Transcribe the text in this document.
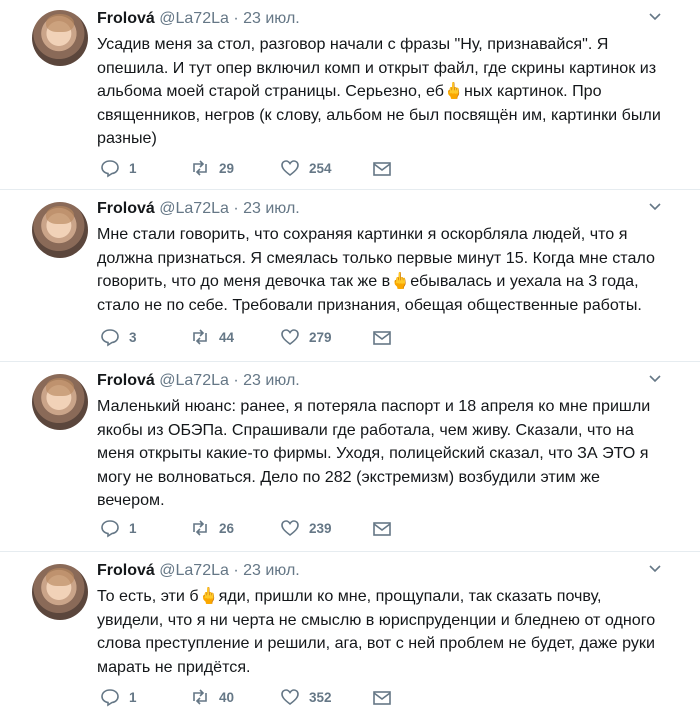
Frolová @La72La · 23 июл.
Усадив меня за стол, разговор начали с фразы "Ну, признавайся". Я опешила. И тут опер включил комп и открыт файл, где скрины картинок из альбома моей старой страницы. Серьезно, еб🖕ных картинок. Про священников, негров (к слову, альбом не был посвящён им, картинки были разные)
1	29	254
Frolová @La72La · 23 июл.
Мне стали говорить, что сохраняя картинки я оскорбляла людей, что я должна признаться. Я смеялась только первые минут 15. Когда мне стало говорить, что до меня девочка так же в🖕ебывалась и уехала на 3 года, стало не по себе. Требовали признания, обещая общественные работы.
3	44	279
Frolová @La72La · 23 июл.
Маленький нюанс: ранее, я потеряла паспорт и 18 апреля ко мне пришли якобы из ОБЭПа. Спрашивали где работала, чем живу. Сказали, что на меня открыты какие-то фирмы. Уходя, полицейский сказал, что ЗА ЭТО я могу не волноваться. Дело по 282 (экстремизм) возбудили этим же вечером.
1	26	239
Frolová @La72La · 23 июл.
То есть, эти б🖕яди, пришли ко мне, прощупали, так сказать почву, увидели, что я ни черта не смыслю в юриспруденции и бледнею от одного слова преступление и решили, ага, вот с ней проблем не будет, даже руки марать не придётся.
1	40	352
